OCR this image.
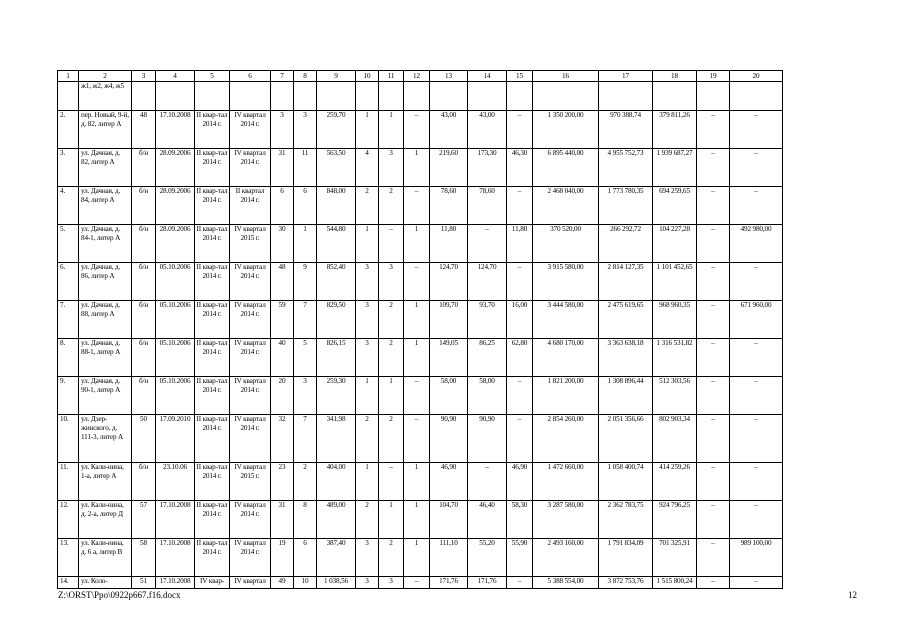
1	2	3	4	5	6	7	8	9	10	11	12	13	14	15	16	17	18	19	20
	ж1, ж2, ж4, ж5																		
2.	пер. Новый, 9-й, д. 82, литер А	48	17.10.2008	II квар-тал 2014 г.	IV квартал 2014 г.	3	3	259,70	1	1	–	43,00	43,00	–	1 350 200,00	970 388,74	379 811,26	–	–
3.	ул. Дачная, д. 82, литер А	б/н	28.09.2006	II квар-тал 2014 г.	IV квартал 2014 г.	31	11	563,50	4	3	1	219,60	173,30	46,30	6 895 440,00	4 955 752,73	1 939 687,27	–	–
4.	ул. Дачная, д. 84, литер А	б/н	28.09.2006	II квар-тал 2014 г.	II квартал 2014 г.	6	6	848,00	2	2	–	78,60	78,60	–	2 468 040,00	1 773 780,35	694 259,65	–	–
5.	ул. Дачная, д. 84-1, литер А	б/н	28.09.2006	II квар-тал 2014 г.	IV квартал 2015 г.	30	1	544,80	1	–	1	11,80	–	11,80	370 520,00	266 292,72	104 227,28	–	492 980,00
6.	ул. Дачная, д. 86, литер А	б/н	05.10.2006	II квар-тал 2014 г.	IV квартал 2014 г.	48	9	852,40	3	3	–	124,70	124,70	–	3 915 580,00	2 814 127,35	1 101 452,65	–	–
7.	ул. Дачная, д. 88, литер А	б/н	05.10.2006	II квар-тал 2014 г.	IV квартал 2014 г.	59	7	829,50	3	2	1	109,70	93,70	16,00	3 444 580,00	2 475 619,65	968 960,35	–	671 960,00
8.	ул. Дачная, д. 88-1, литер А	б/н	05.10.2006	II квар-тал 2014 г.	IV квартал 2014 г.	40	5	826,15	3	2	1	149,05	86,25	62,80	4 680 170,00	3 363 638,18	1 316 531,82	–	–
9.	ул. Дачная, д. 90-1, литер А	б/н	05.10.2006	II квар-тал 2014 г.	IV квартал 2014 г.	20	3	259,30	1	1	–	58,00	58,00	–	1 821 200,00	1 308 896,44	512 303,56	–	–
10.	ул. Дзер-жинского, д. 111-3, литер А	50	17.09.2010	II квар-тал 2014 г.	IV квартал 2014 г.	32	7	341,98	2	2	–	90,90	90,90	–	2 854 260,00	2 051 356,66	802 903,34	–	–
11.	ул. Кали-нина, 1-а, литер А	б/н	23.10.06	II квар-тал 2014 г.	IV квартал 2015 г.	23	2	404,00	1	–	1	46,90	–	46,90	1 472 660,00	1 058 400,74	414 259,26	–	–
12.	ул. Кали-нина, д. 2-а, литер Д	57	17.10.2008	II квар-тал 2014 г.	IV квартал 2014 г.	31	8	489,00	2	1	1	104,70	46,40	58,30	3 287 580,00	2 362 783,75	924 796,25	–	–
13.	ул. Кали-нина, д. 6 а, литер В	58	17.10.2008	II квар-тал 2014 г.	IV квартал 2014 г.	19	6	387,40	3	2	1	111,10	55,20	55,90	2 493 160,00	1 791 834,09	701 325,91	–	989 100,00
14.	ул. Коло-	51	17.10.2008	IV квар-	IV квартал	49	10	1 038,56	3	3	–	171,76	171,76	–	5 388 554,00	3 872 753,76	1 515 800,24	–	–
Z:\ORST\Ppo\0922p667.f16.docx	12
